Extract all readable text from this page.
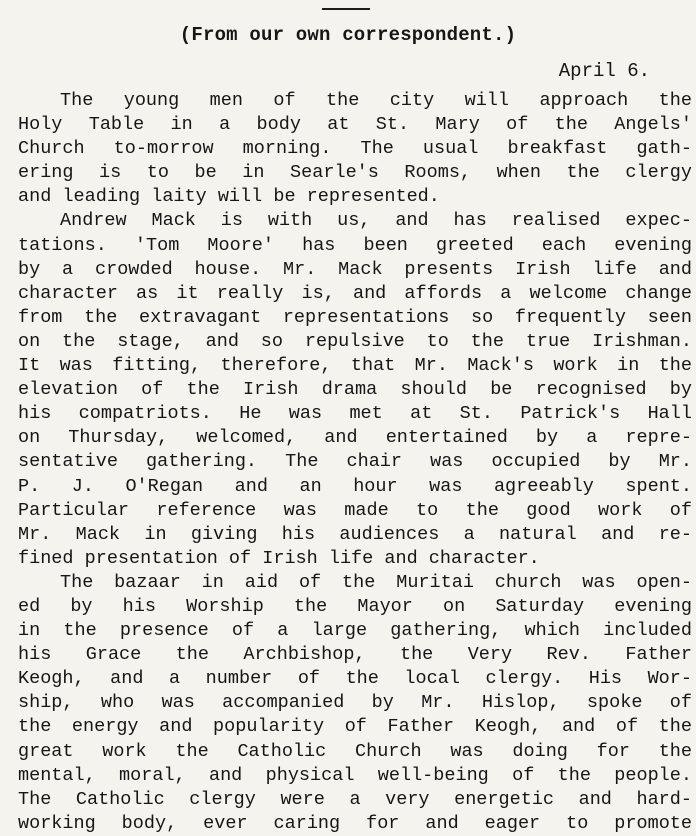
(From our own correspondent.)
April 6.
The young men of the city will approach the
Holy Table in a body at St. Mary of the Angels'
Church to-morrow morning. The usual breakfast gath-
ering is to be in Searle's Rooms, when the clergy
and leading laity will be represented.
Andrew Mack is with us, and has realised expec-
tations. 'Tom Moore' has been greeted each evening
by a crowded house. Mr. Mack presents Irish life and
character as it really is, and affords a welcome change
from the extravagant representations so frequently seen
on the stage, and so repulsive to the true Irishman.
It was fitting, therefore, that Mr. Mack's work in the
elevation of the Irish drama should be recognised by
his compatriots. He was met at St. Patrick's Hall
on Thursday, welcomed, and entertained by a repre-
sentative gathering. The chair was occupied by Mr.
P. J. O'Regan and an hour was agreeably spent.
Particular reference was made to the good work of
Mr. Mack in giving his audiences a natural and re-
fined presentation of Irish life and character.
The bazaar in aid of the Muritai church was open-
ed by his Worship the Mayor on Saturday evening
in the presence of a large gathering, which included
his Grace the Archbishop, the Very Rev. Father
Keogh, and a number of the local clergy. His Wor-
ship, who was accompanied by Mr. Hislop, spoke of
the energy and popularity of Father Keogh, and of the
great work the Catholic Church was doing for the
mental, moral, and physical well-being of the people.
The Catholic clergy were a very energetic and hard-
working body, ever caring for and eager to promote
